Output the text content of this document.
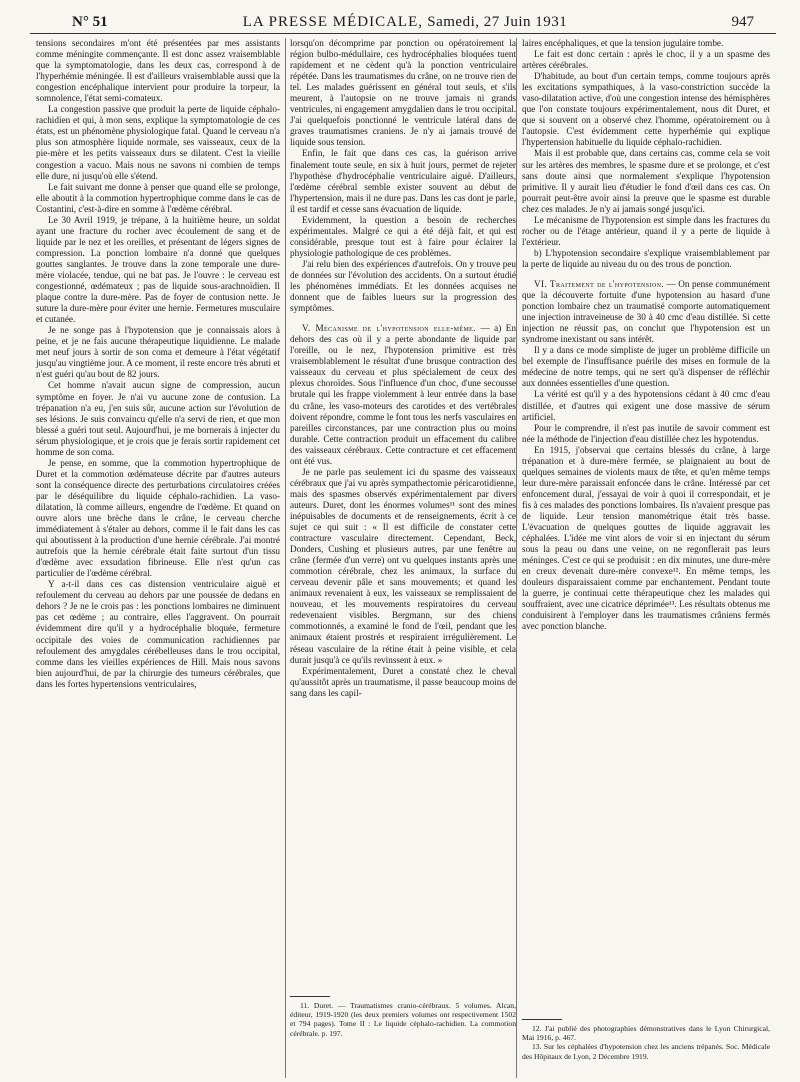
N° 51	LA PRESSE MÉDICALE, Samedi, 27 Juin 1931	947

tensions secondaires m'ont été présentées par mes assistants comme méningite commençante. Il est donc assez vraisemblable que la symptomatologie, dans les deux cas, correspond à de l'hyperhémie méningée. Il est d'ailleurs vraisemblable aussi que la congestion encéphalique intervient pour produire la torpeur, la somnolence, l'état semi-comateux.

La congestion passive que produit la perte de liquide céphalo-rachidien et qui, à mon sens, explique la symptomatologie de ces états, est un phénomène physiologique fatal. Quand le cerveau n'a plus son atmosphère liquide normale, ses vaisseaux, ceux de la pie-mère et les petits vaisseaux durs se dilatent. C'est la vieille congestion a vacuo. Mais nous ne savons ni combien de temps elle dure, ni jusqu'où elle s'étend.

Le fait suivant me donne à penser que quand elle se prolonge, elle aboutit à la commotion hypertrophique comme dans le cas de Costantini, c'est-à-dire en somme à l'œdème cérébral.

Le 30 Avril 1919, je trépane, à la huitième heure, un soldat ayant une fracture du rocher avec écoulement de sang et de liquide par le nez et les oreilles, et présentant de légers signes de compression. La ponction lombaire n'a donné que quelques gouttes sanglantes. Je trouve dans la zone temporale une dure-mère violacée, tendue, qui ne bat pas. Je l'ouvre : le cerveau est congestionné, œdémateux ; pas de liquide sous-arachnoïdien. Il plaque contre la dure-mère. Pas de foyer de contusion nette. Je suture la dure-mère pour éviter une hernie. Fermetures musculaire et cutanée.

Je ne songe pas à l'hypotension que je connaissais alors à peine, et je ne fais aucune thérapeutique liquidienne. Le malade met neuf jours à sortir de son coma et demeure à l'état végétatif jusqu'au vingtième jour. A ce moment, il reste encore très abruti et n'est guéri qu'au bout de 82 jours.

Cet homme n'avait aucun signe de compression, aucun symptôme en foyer. Je n'ai vu aucune zone de contusion. La trépanation n'a eu, j'en suis sûr, aucune action sur l'évolution de ses lésions. Je suis convaincu qu'elle n'a servi de rien, et que mon blessé a guéri tout seul. Aujourd'hui, je me bornerais à injecter du sérum physiologique, et je crois que je ferais sortir rapidement cet homme de son coma.

Je pense, en somme, que la commotion hypertrophique de Duret et la commotion œdémateuse décrite par d'autres auteurs sont la conséquence directe des perturbations circulatoires créées par le déséquilibre du liquide céphalo-rachidien. La vaso-dilatation, là comme ailleurs, engendre de l'œdème. Et quand on ouvre alors une brèche dans le crâne, le cerveau cherche immédiatement à s'étaler au dehors, comme il le fait dans les cas qui aboutissent à la production d'une hernie cérébrale. J'ai montré autrefois que la hernie cérébrale était faite surtout d'un tissu d'œdème avec exsudation fibrineuse. Elle n'est qu'un cas particulier de l'œdème cérébral.

Y a-t-il dans ces cas distension ventriculaire aiguë et refoulement du cerveau au dehors par une poussée de dedans en dehors ? Je ne le crois pas : les ponctions lombaires ne diminuent pas cet œdème ; au contraire, elles l'aggravent. On pourrait évidemment dire qu'il y a hydrocéphalie bloquée, fermeture occipitale des voies de communication rachidiennes par refoulement des amygdales cérébelleuses dans le trou occipital, comme dans les vieilles expériences de Hill. Mais nous savons bien aujourd'hui, de par la chirurgie des tumeurs cérébrales, que dans les fortes hypertensions ventriculaires,

lorsqu'on décomprime par ponction ou opératoirement la région bulbo-médullaire, ces hydrocéphalies bloquées tuent rapidement et ne cèdent qu'à la ponction ventriculaire répétée. Dans les traumatismes du crâne, on ne trouve rien de tel. Les malades guérissent en général tout seuls, et s'ils meurent, à l'autopsie on ne trouve jamais ni grands ventricules, ni engagement amygdalien dans le trou occipital. J'ai quelquefois ponctionné le ventricule latéral dans de graves traumatismes craniens. Je n'y ai jamais trouvé de liquide sous tension.

Enfin, le fait que dans ces cas, la guérison arrive finalement toute seule, en six à huit jours, permet de rejeter l'hypothèse d'hydrocéphalie ventriculaire aiguë. D'ailleurs, l'œdème cérébral semble exister souvent au début de l'hypertension, mais il ne dure pas. Dans les cas dont je parle, il est tardif et cesse sans évacuation de liquide.

Evidemment, la question a besoin de recherches expérimentales. Malgré ce qui a été déjà fait, et qui est considérable, presque tout est à faire pour éclairer la physiologie pathologique de ces problèmes.

J'ai relu bien des expériences d'autrefois. On y trouve peu de données sur l'évolution des accidents. On a surtout étudié les phénomènes immédiats. Et les données acquises ne donnent que de faibles lueurs sur la progression des symptômes.

V. Mécanisme de l'hypotension elle-même. — a) En dehors des cas où il y a perte abondante de liquide par l'oreille, ou le nez, l'hypotension primitive est très vraisemblablement le résultat d'une brusque contraction des vaisseaux du cerveau et plus spécialement de ceux des plexus choroïdes. Sous l'influence d'un choc, d'une secousse brutale qui les frappe violemment à leur entrée dans la base du crâne, les vaso-moteurs des carotides et des vertébrales doivent répondre, comme le font tous les nerfs vasculaires en pareilles circonstances, par une contraction plus ou moins durable. Cette contraction produit un effacement du calibre des vaisseaux cérébraux. Cette contracture et cet effacement ont été vus.

Je ne parle pas seulement ici du spasme des vaisseaux cérébraux que j'ai vu après sympathectomie péricarotidienne, mais des spasmes observés expérimentalement par divers auteurs. Duret, dont les énormes volumes¹¹ sont des mines inépuisables de documents et de renseignements, écrit à ce sujet ce qui suit : « Il est difficile de constater cette contracture vasculaire directement. Cependant, Beck, Donders, Cushing et plusieurs autres, par une fenêtre au crâne (fermée d'un verre) ont vu quelques instants après une commotion cérébrale, chez les animaux, la surface du cerveau devenir pâle et sans mouvements; et quand les animaux revenaient à eux, les vaisseaux se remplissaient de nouveau, et les mouvements respiratoires du cerveau redevenaient visibles. Bergmann, sur des chiens commotionnés, a examiné le fond de l'œil, pendant que les animaux étaient prostrés et respiraient irrégulièrement. Le réseau vasculaire de la rétine était à peine visible, et cela durait jusqu'à ce qu'ils revinssent à eux. »

Expérimentalement, Duret a constaté chez le cheval qu'aussitôt après un traumatisme, il passe beaucoup moins de sang dans les capil-

11. Duret. — Traumatismes cranio-cérébraux. 5 volumes. Alcan, éditeur, 1919-1920 (les deux premiers volumes ont respectivement 1502 et 794 pages). Tome II : Le liquide céphalo-rachidien. La commotion cérébrale. p. 197.

laires encéphaliques, et que la tension jugulaire tombe.

Le fait est donc certain : après le choc, il y a un spasme des artères cérébrales.

D'habitude, au bout d'un certain temps, comme toujours après les excitations sympathiques, à la vaso-constriction succède la vaso-dilatation active, d'où une congestion intense des hémisphères que l'on constate toujours expérimentalement, nous dit Duret, et que si souvent on a observé chez l'homme, opératoirement ou à l'autopsie. C'est évidemment cette hyperhémie qui explique l'hypertension habituelle du liquide céphalo-rachidien.

Mais il est probable que, dans certains cas, comme cela se voit sur les artères des membres, le spasme dure et se prolonge, et c'est sans doute ainsi que normalement s'explique l'hypotension primitive. Il y aurait lieu d'étudier le fond d'œil dans ces cas. On pourrait peut-être avoir ainsi la preuve que le spasme est durable chez ces malades. Je n'y ai jamais songé jusqu'ici.

Le mécanisme de l'hypotension est simple dans les fractures du rocher ou de l'étage antérieur, quand il y a perte de liquide à l'extérieur.

b) L'hypotension secondaire s'explique vraisemblablement par la perte de liquide au niveau du ou des trous de ponction.

VI. Traitement de l'hypotension. — On pense communément que la découverte fortuite d'une hypotension au hasard d'une ponction lombaire chez un traumatisé comporte automatiquement une injection intraveineuse de 30 à 40 cmc d'eau distillée. Si cette injection ne réussit pas, on conclut que l'hypotension est un syndrome inexistant ou sans intérêt.

Il y a dans ce mode simpliste de juger un problème difficile un bel exemple de l'insuffisance puérile des mises en formule de la médecine de notre temps, qui ne sert qu'à dispenser de réfléchir aux données essentielles d'une question.

La vérité est qu'il y a des hypotensions cédant à 40 cmc d'eau distillée, et d'autres qui exigent une dose massive de sérum artificiel.

Pour le comprendre, il n'est pas inutile de savoir comment est née la méthode de l'injection d'eau distillée chez les hypotendus.

En 1915, j'observai que certains blessés du crâne, à large trépanation et à dure-mère fermée, se plaignaient au bout de quelques semaines de violents maux de tête, et qu'en même temps leur dure-mère paraissait enfoncée dans le crâne. Intéressé par cet enfoncement dural, j'essayai de voir à quoi il correspondait, et je fis à ces malades des ponctions lombaires. Ils n'avaient presque pas de liquide. Leur tension manométrique était très basse. L'évacuation de quelques gouttes de liquide aggravait les céphalées. L'idée me vint alors de voir si en injectant du sérum sous la peau ou dans une veine, on ne regonflerait pas leurs méninges. C'est ce qui se produisit : en dix minutes, une dure-mère en creux devenait dure-mère convexe¹². En même temps, les douleurs disparaissaient comme par enchantement. Pendant toute la guerre, je continuai cette thérapeutique chez les malades qui souffraient, avec une cicatrice déprimée¹³. Les résultats obtenus me conduisirent à l'employer dans les traumatismes crâniens fermés avec ponction blanche.

12. J'ai publié des photographies démonstratives dans le Lyon Chirurgical, Mai 1916, p. 467.

13. Sur les céphalées d'hypotension chez les anciens trépanés. Soc. Médicale des Hôpitaux de Lyon, 2 Décembre 1919.
